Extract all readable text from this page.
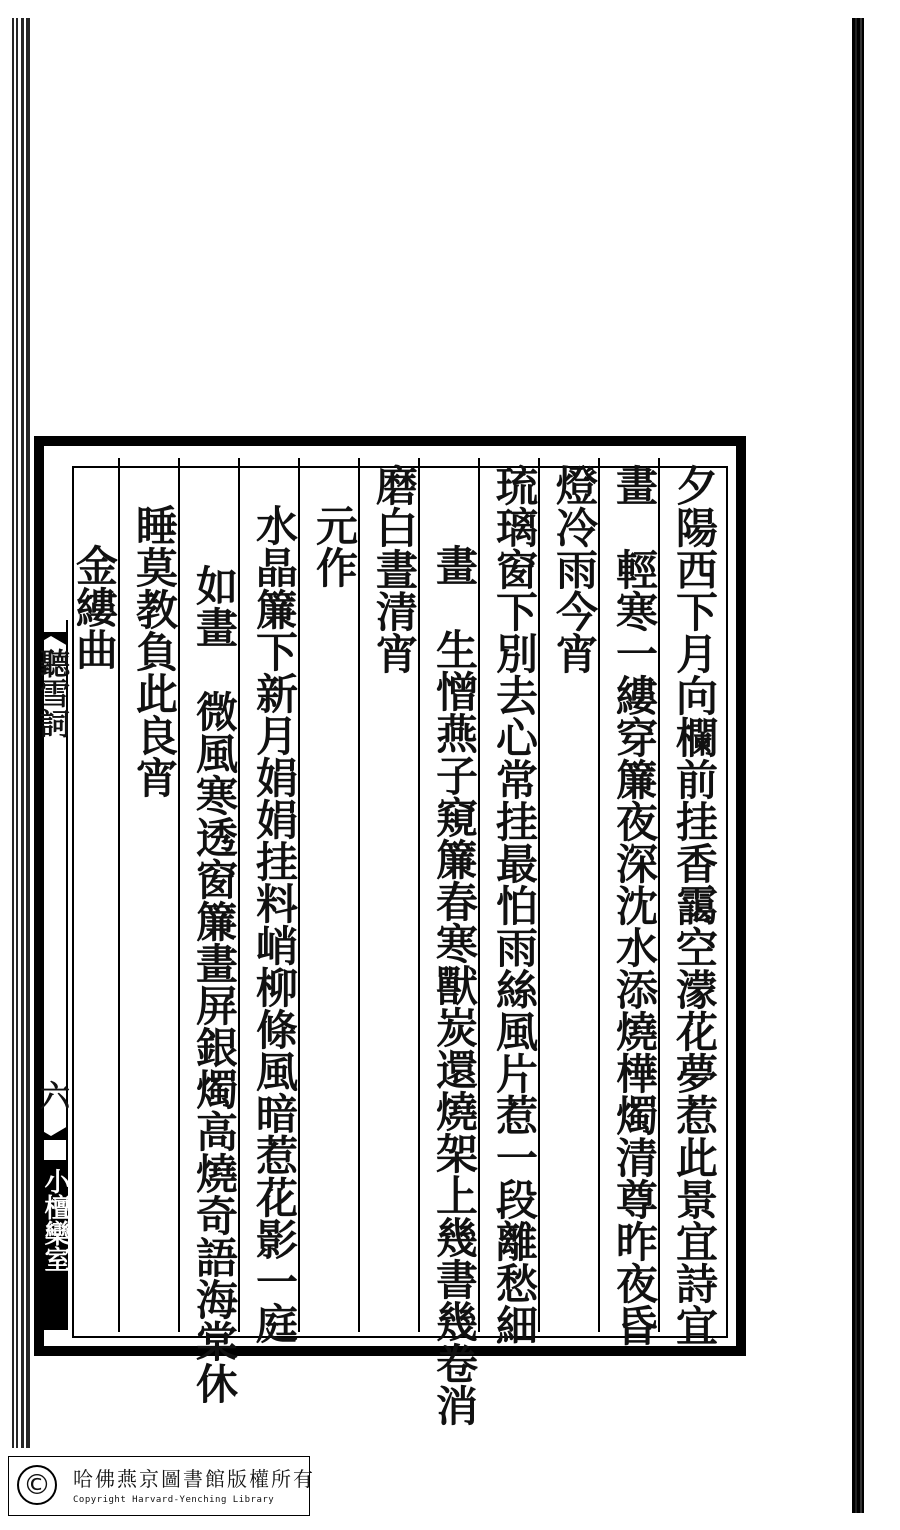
夕陽西下月向欄前挂香靄空濛花夢惹此景宜詩宜
畫　輕寒一縷穿簾夜深沈水添燒樺燭清尊昨夜昏
燈冷雨今宵
琉璃窗下別去心常挂最怕雨絲風片惹一段離愁細
畫　生憎燕子窺簾春寒獸炭還燒架上幾書幾卷消
磨白晝清宵
元作
水晶簾下新月娟娟挂料峭柳條風暗惹花影一庭
如畫　微風寒透窗簾畫屏銀燭高燒奇語海棠休
睡莫教負此良宵
金縷曲
聽雪詞
六
小檀欒室
©	哈佛燕京圖書館版權所有
Copyright Harvard-Yenching Library
